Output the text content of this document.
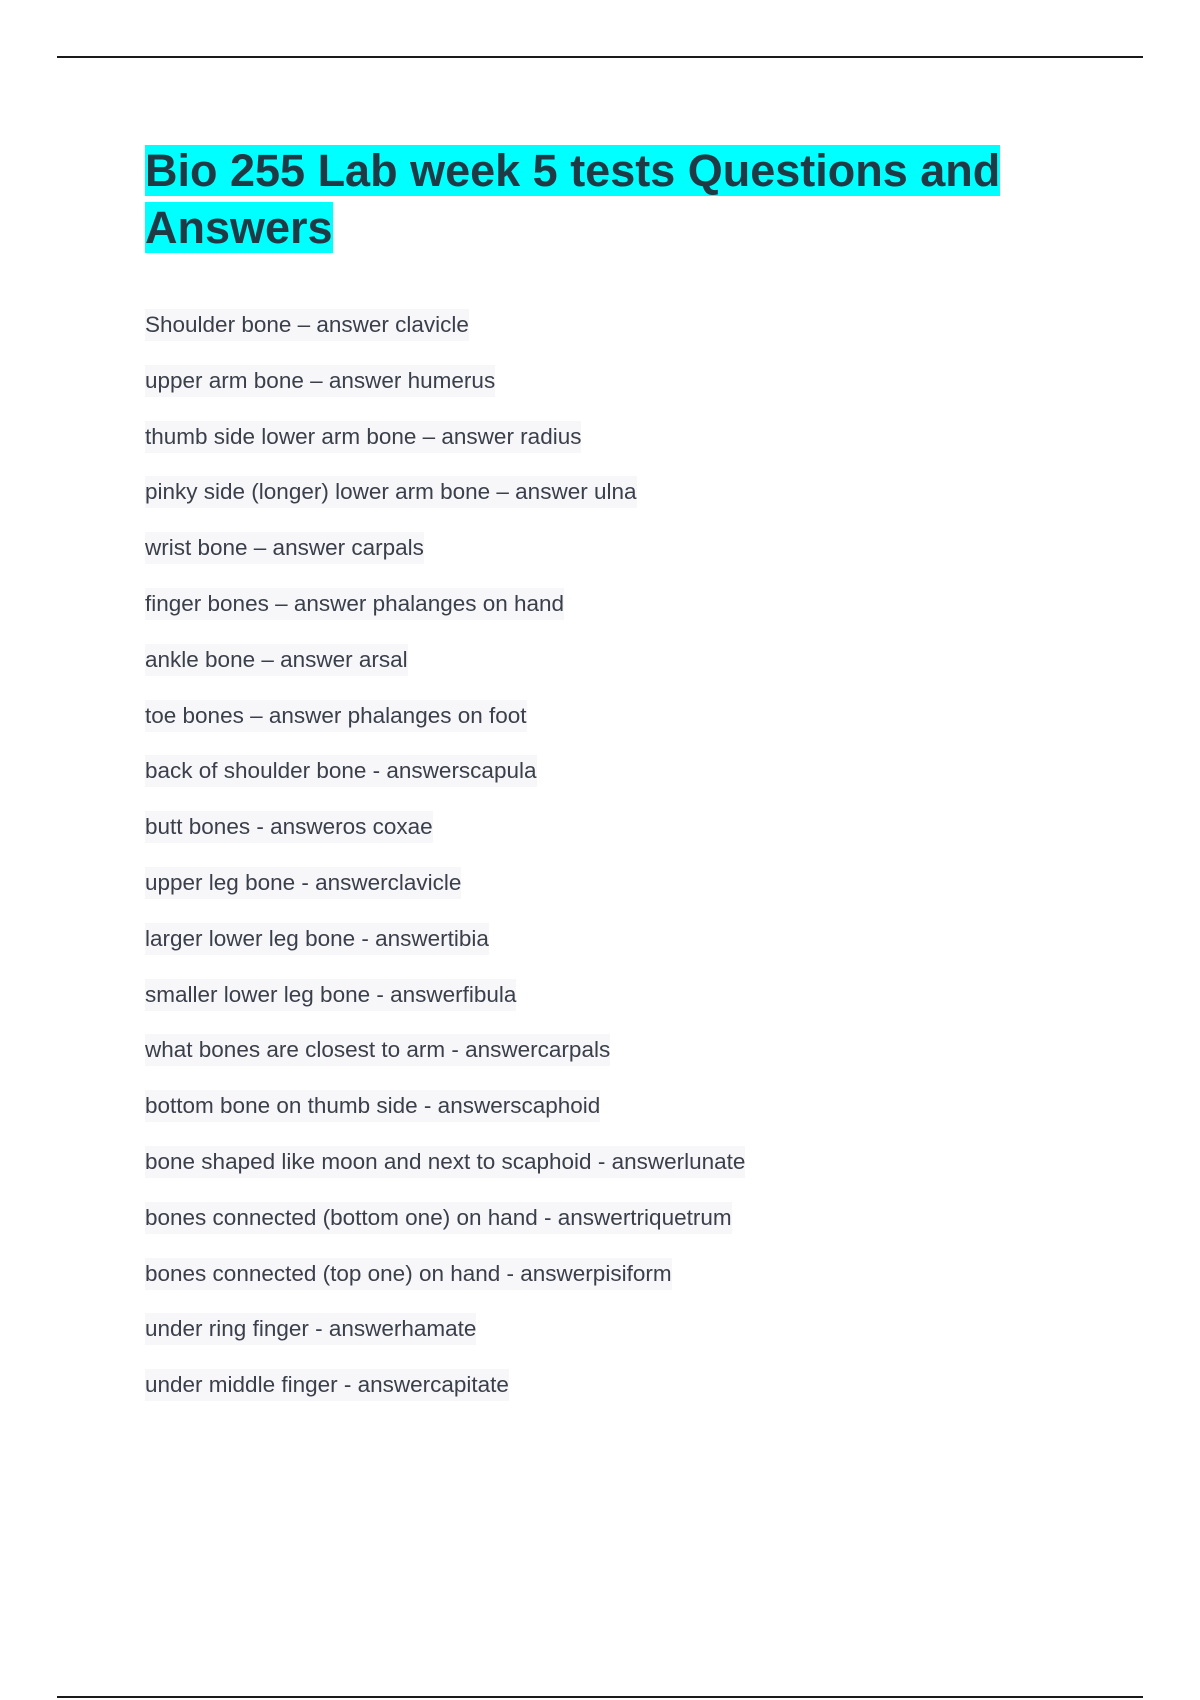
Bio 255 Lab week 5 tests Questions and Answers
Shoulder bone – answer clavicle
upper arm bone – answer humerus
thumb side lower arm bone – answer radius
pinky side (longer) lower arm bone – answer ulna
wrist bone – answer carpals
finger bones – answer phalanges on hand
ankle bone – answer arsal
toe bones – answer phalanges on foot
back of shoulder bone - answerscapula
butt bones - answeros coxae
upper leg bone - answerclavicle
larger lower leg bone - answertibia
smaller lower leg bone - answerfibula
what bones are closest to arm - answercarpals
bottom bone on thumb side - answerscaphoid
bone shaped like moon and next to scaphoid - answerlunate
bones connected (bottom one) on hand - answertriquetrum
bones connected (top one) on hand - answerpisiform
under ring finger - answerhamate
under middle finger - answercapitate
